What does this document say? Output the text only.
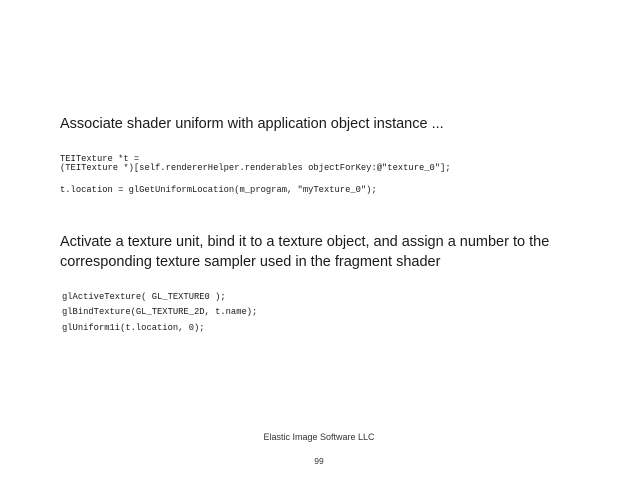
Associate shader uniform with application object instance ...
TEITexture *t =
(TEITexture *)[self.rendererHelper.renderables objectForKey:@"texture_0"];
t.location = glGetUniformLocation(m_program, "myTexture_0");
Activate a texture unit, bind it to a texture object, and assign a number to the corresponding texture sampler used in the fragment shader
glActiveTexture( GL_TEXTURE0 );
glBindTexture(GL_TEXTURE_2D, t.name);
glUniform1i(t.location, 0);
Elastic Image Software LLC
99
